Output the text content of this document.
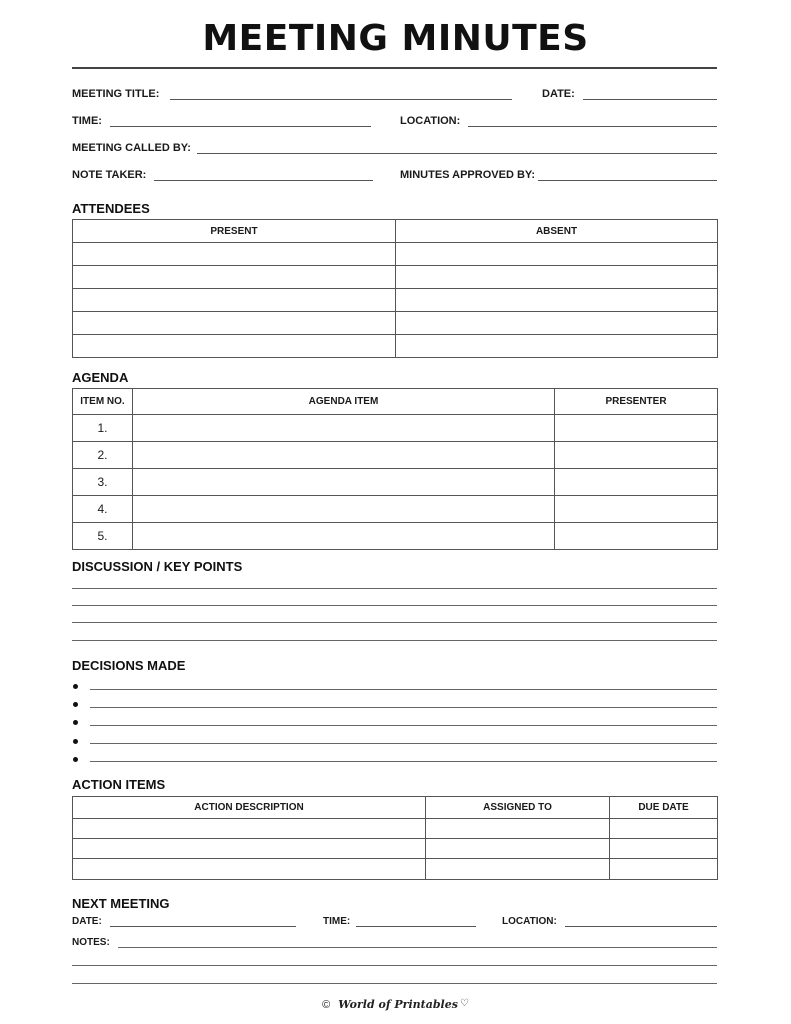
MEETING MINUTES
MEETING TITLE:	DATE:
TIME:	LOCATION:
MEETING CALLED BY:
NOTE TAKER:	MINUTES APPROVED BY:
ATTENDEES
PRESENT	ABSENT

AGENDA
ITEM NO.	AGENDA ITEM	PRESENTER
1.		
2.		
3.		
4.		
5.		
DISCUSSION / KEY POINTS
DECISIONS MADE
ACTION ITEMS
ACTION DESCRIPTION	ASSIGNED TO	DUE DATE

NEXT MEETING
DATE:	TIME:	LOCATION:
NOTES:
© World of Printables ♡
